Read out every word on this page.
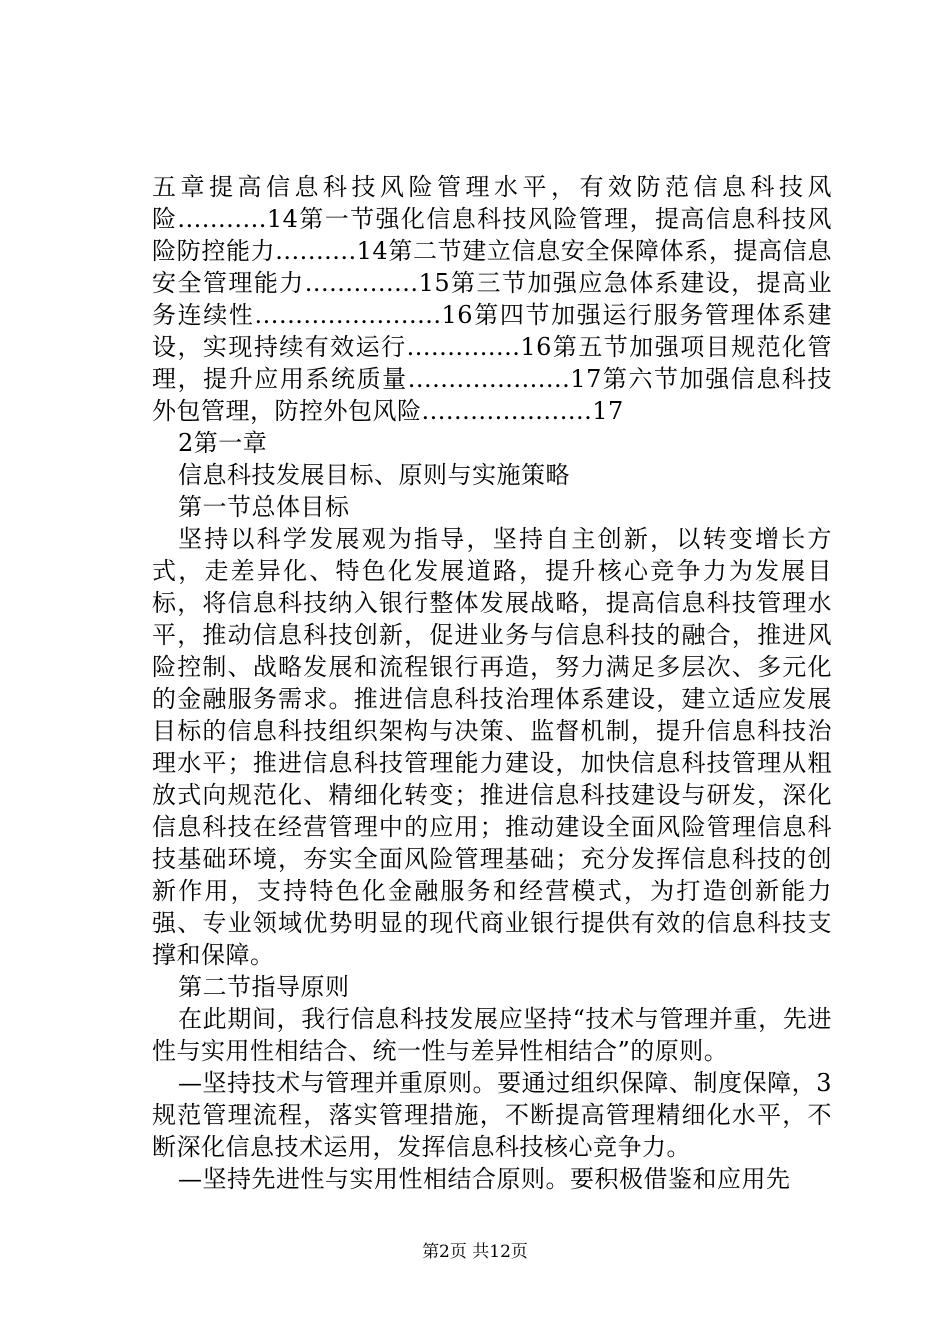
五章提高信息科技风险管理水平，有效防范信息科技风险...........14第一节强化信息科技风险管理，提高信息科技风险防控能力..........14第二节建立信息安全保障体系，提高信息安全管理能力..............15第三节加强应急体系建设，提高业务连续性.......................16第四节加强运行服务管理体系建设，实现持续有效运行..............16第五节加强项目规范化管理，提升应用系统质量....................17第六节加强信息科技外包管理，防控外包风险.....................17

2第一章

信息科技发展目标、原则与实施策略

第一节总体目标

坚持以科学发展观为指导，坚持自主创新，以转变增长方式，走差异化、特色化发展道路，提升核心竞争力为发展目标，将信息科技纳入银行整体发展战略，提高信息科技管理水平，推动信息科技创新，促进业务与信息科技的融合，推进风险控制、战略发展和流程银行再造，努力满足多层次、多元化的金融服务需求。推进信息科技治理体系建设，建立适应发展目标的信息科技组织架构与决策、监督机制，提升信息科技治理水平；推进信息科技管理能力建设，加快信息科技管理从粗放式向规范化、精细化转变；推进信息科技建设与研发，深化信息科技在经营管理中的应用；推动建设全面风险管理信息科技基础环境，夯实全面风险管理基础；充分发挥信息科技的创新作用，支持特色化金融服务和经营模式，为打造创新能力强、专业领域优势明显的现代商业银行提供有效的信息科技支撑和保障。

第二节指导原则

在此期间，我行信息科技发展应坚持“技术与管理并重，先进性与实用性相结合、统一性与差异性相结合”的原则。

—坚持技术与管理并重原则。要通过组织保障、制度保障，3规范管理流程，落实管理措施，不断提高管理精细化水平，不断深化信息技术运用，发挥信息科技核心竞争力。

—坚持先进性与实用性相结合原则。要积极借鉴和应用先

第2页 共12页
